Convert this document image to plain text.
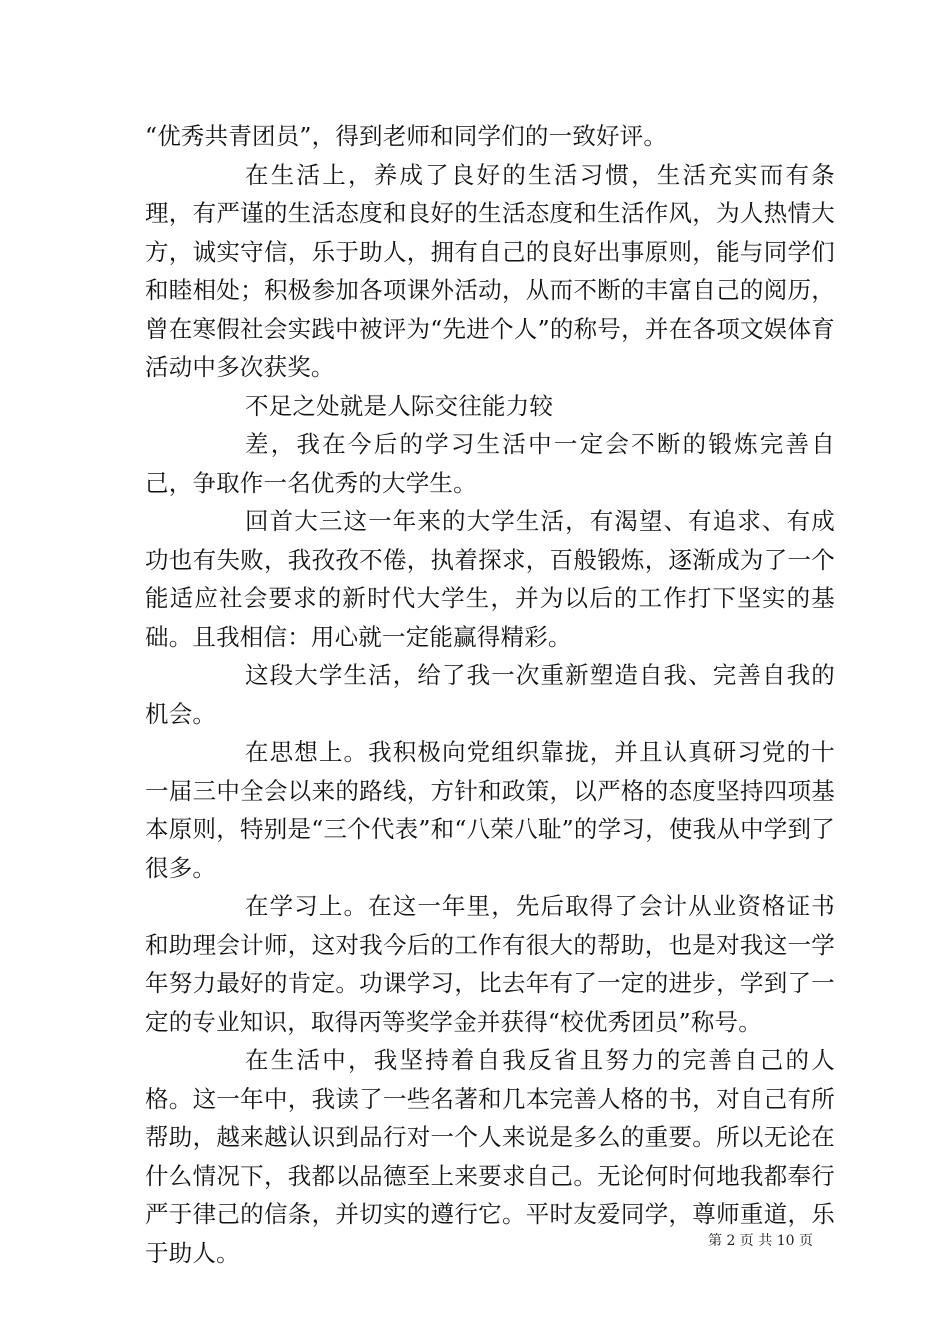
“优秀共青团员”，得到老师和同学们的一致好评。

在生活上，养成了良好的生活习惯，生活充实而有条理，有严谨的生活态度和良好的生活态度和生活作风，为人热情大方，诚实守信，乐于助人，拥有自己的良好出事原则，能与同学们和睦相处；积极参加各项课外活动，从而不断的丰富自己的阅历，曾在寒假社会实践中被评为“先进个人”的称号，并在各项文娱体育活动中多次获奖。

不足之处就是人际交往能力较

差，我在今后的学习生活中一定会不断的锻炼完善自己，争取作一名优秀的大学生。

回首大三这一年来的大学生活，有渴望、有追求、有成功也有失败，我孜孜不倦，执着探求，百般锻炼，逐渐成为了一个能适应社会要求的新时代大学生，并为以后的工作打下坚实的基础。且我相信：用心就一定能赢得精彩。

这段大学生活，给了我一次重新塑造自我、完善自我的机会。

在思想上。我积极向党组织靠拢，并且认真研习党的十一届三中全会以来的路线，方针和政策，以严格的态度坚持四项基本原则，特别是“三个代表”和“八荣八耻”的学习，使我从中学到了很多。

在学习上。在这一年里，先后取得了会计从业资格证书和助理会计师，这对我今后的工作有很大的帮助，也是对我这一学年努力最好的肯定。功课学习，比去年有了一定的进步，学到了一定的专业知识，取得丙等奖学金并获得“校优秀团员”称号。

在生活中，我坚持着自我反省且努力的完善自己的人格。这一年中，我读了一些名著和几本完善人格的书，对自己有所帮助，越来越认识到品行对一个人来说是多么的重要。所以无论在什么情况下，我都以品德至上来要求自己。无论何时何地我都奉行严于律己的信条，并切实的遵行它。平时友爱同学，尊师重道，乐于助人。	第 2 页 共 10 页
